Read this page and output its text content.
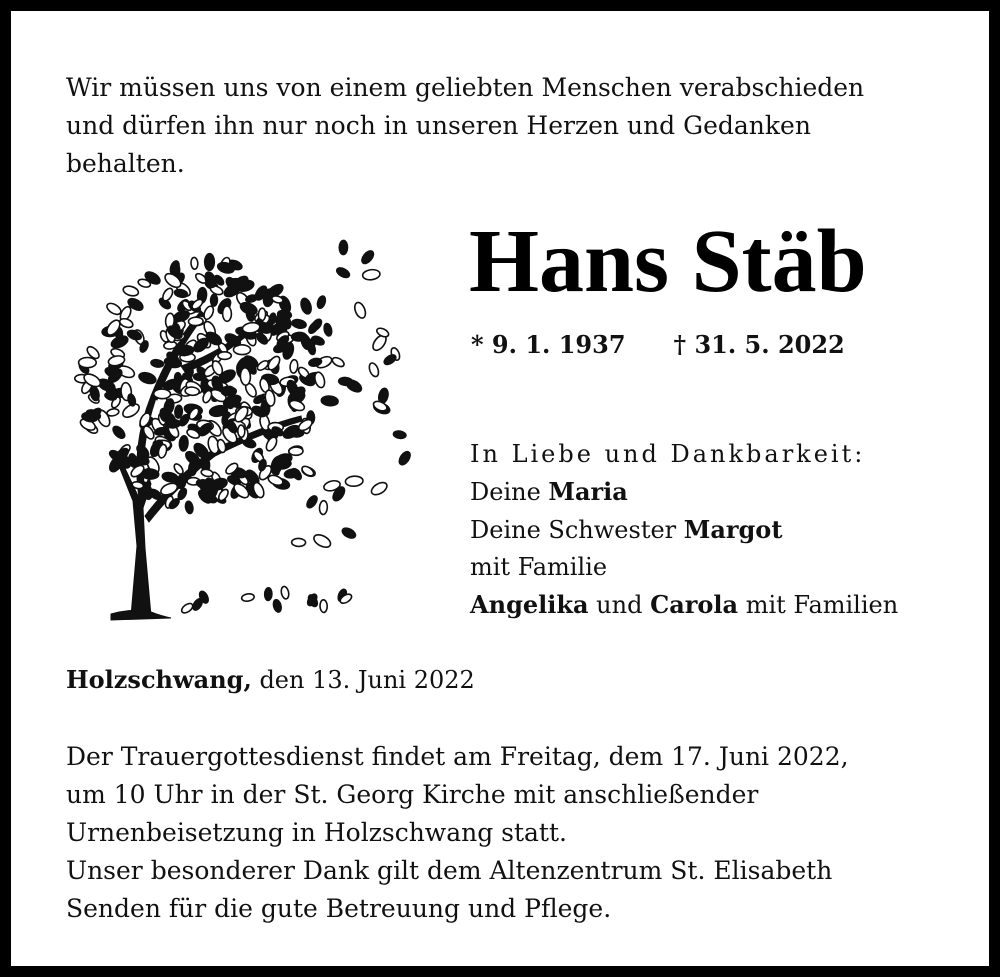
Wir müssen uns von einem geliebten Menschen verabschieden
und dürfen ihn nur noch in unseren Herzen und Gedanken
behalten.

Hans Stäb
* 9. 1. 1937 † 31. 5. 2022
In Liebe und Dankbarkeit:
Deine Maria
Deine Schwester Margot
mit Familie
Angelika und Carola mit Familien
Holzschwang, den 13. Juni 2022

Der Trauergottesdienst findet am Freitag, dem 17. Juni 2022,
um 10 Uhr in der St. Georg Kirche mit anschließender
Urnenbeisetzung in Holzschwang statt.
Unser besonderer Dank gilt dem Altenzentrum St. Elisabeth
Senden für die gute Betreuung und Pflege.
